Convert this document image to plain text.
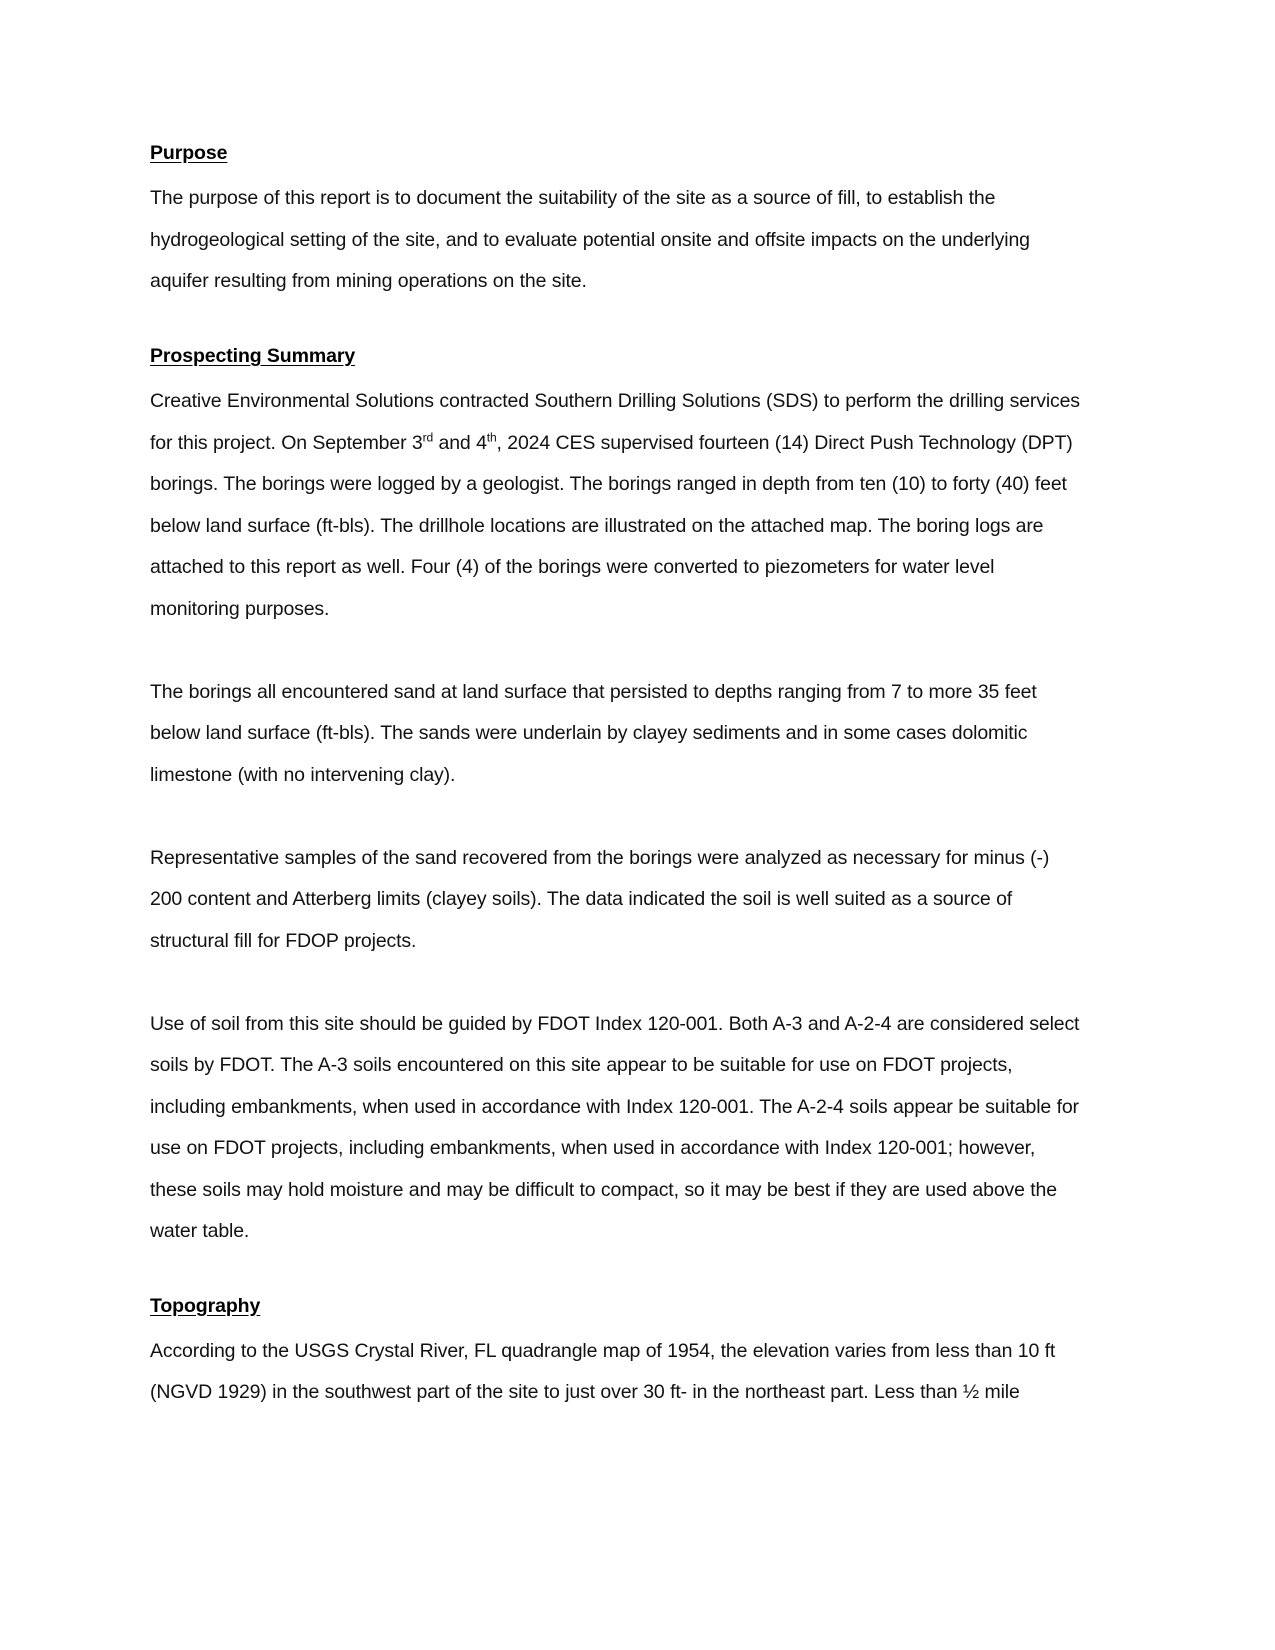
Purpose

The purpose of this report is to document the suitability of the site as a source of fill, to establish the hydrogeological setting of the site, and to evaluate potential onsite and offsite impacts on the underlying aquifer resulting from mining operations on the site.

Prospecting Summary

Creative Environmental Solutions contracted Southern Drilling Solutions (SDS) to perform the drilling services for this project. On September 3rd and 4th, 2024 CES supervised fourteen (14) Direct Push Technology (DPT) borings. The borings were logged by a geologist. The borings ranged in depth from ten (10) to forty (40) feet below land surface (ft-bls). The drillhole locations are illustrated on the attached map. The boring logs are attached to this report as well. Four (4) of the borings were converted to piezometers for water level monitoring purposes.

The borings all encountered sand at land surface that persisted to depths ranging from 7 to more 35 feet below land surface (ft-bls). The sands were underlain by clayey sediments and in some cases dolomitic limestone (with no intervening clay).

Representative samples of the sand recovered from the borings were analyzed as necessary for minus (-) 200 content and Atterberg limits (clayey soils). The data indicated the soil is well suited as a source of structural fill for FDOP projects.

Use of soil from this site should be guided by FDOT Index 120-001. Both A-3 and A-2-4 are considered select soils by FDOT. The A-3 soils encountered on this site appear to be suitable for use on FDOT projects, including embankments, when used in accordance with Index 120-001. The A-2-4 soils appear be suitable for use on FDOT projects, including embankments, when used in accordance with Index 120-001; however, these soils may hold moisture and may be difficult to compact, so it may be best if they are used above the water table.

Topography

According to the USGS Crystal River, FL quadrangle map of 1954, the elevation varies from less than 10 ft (NGVD 1929) in the southwest part of the site to just over 30 ft- in the northeast part. Less than ½ mile
